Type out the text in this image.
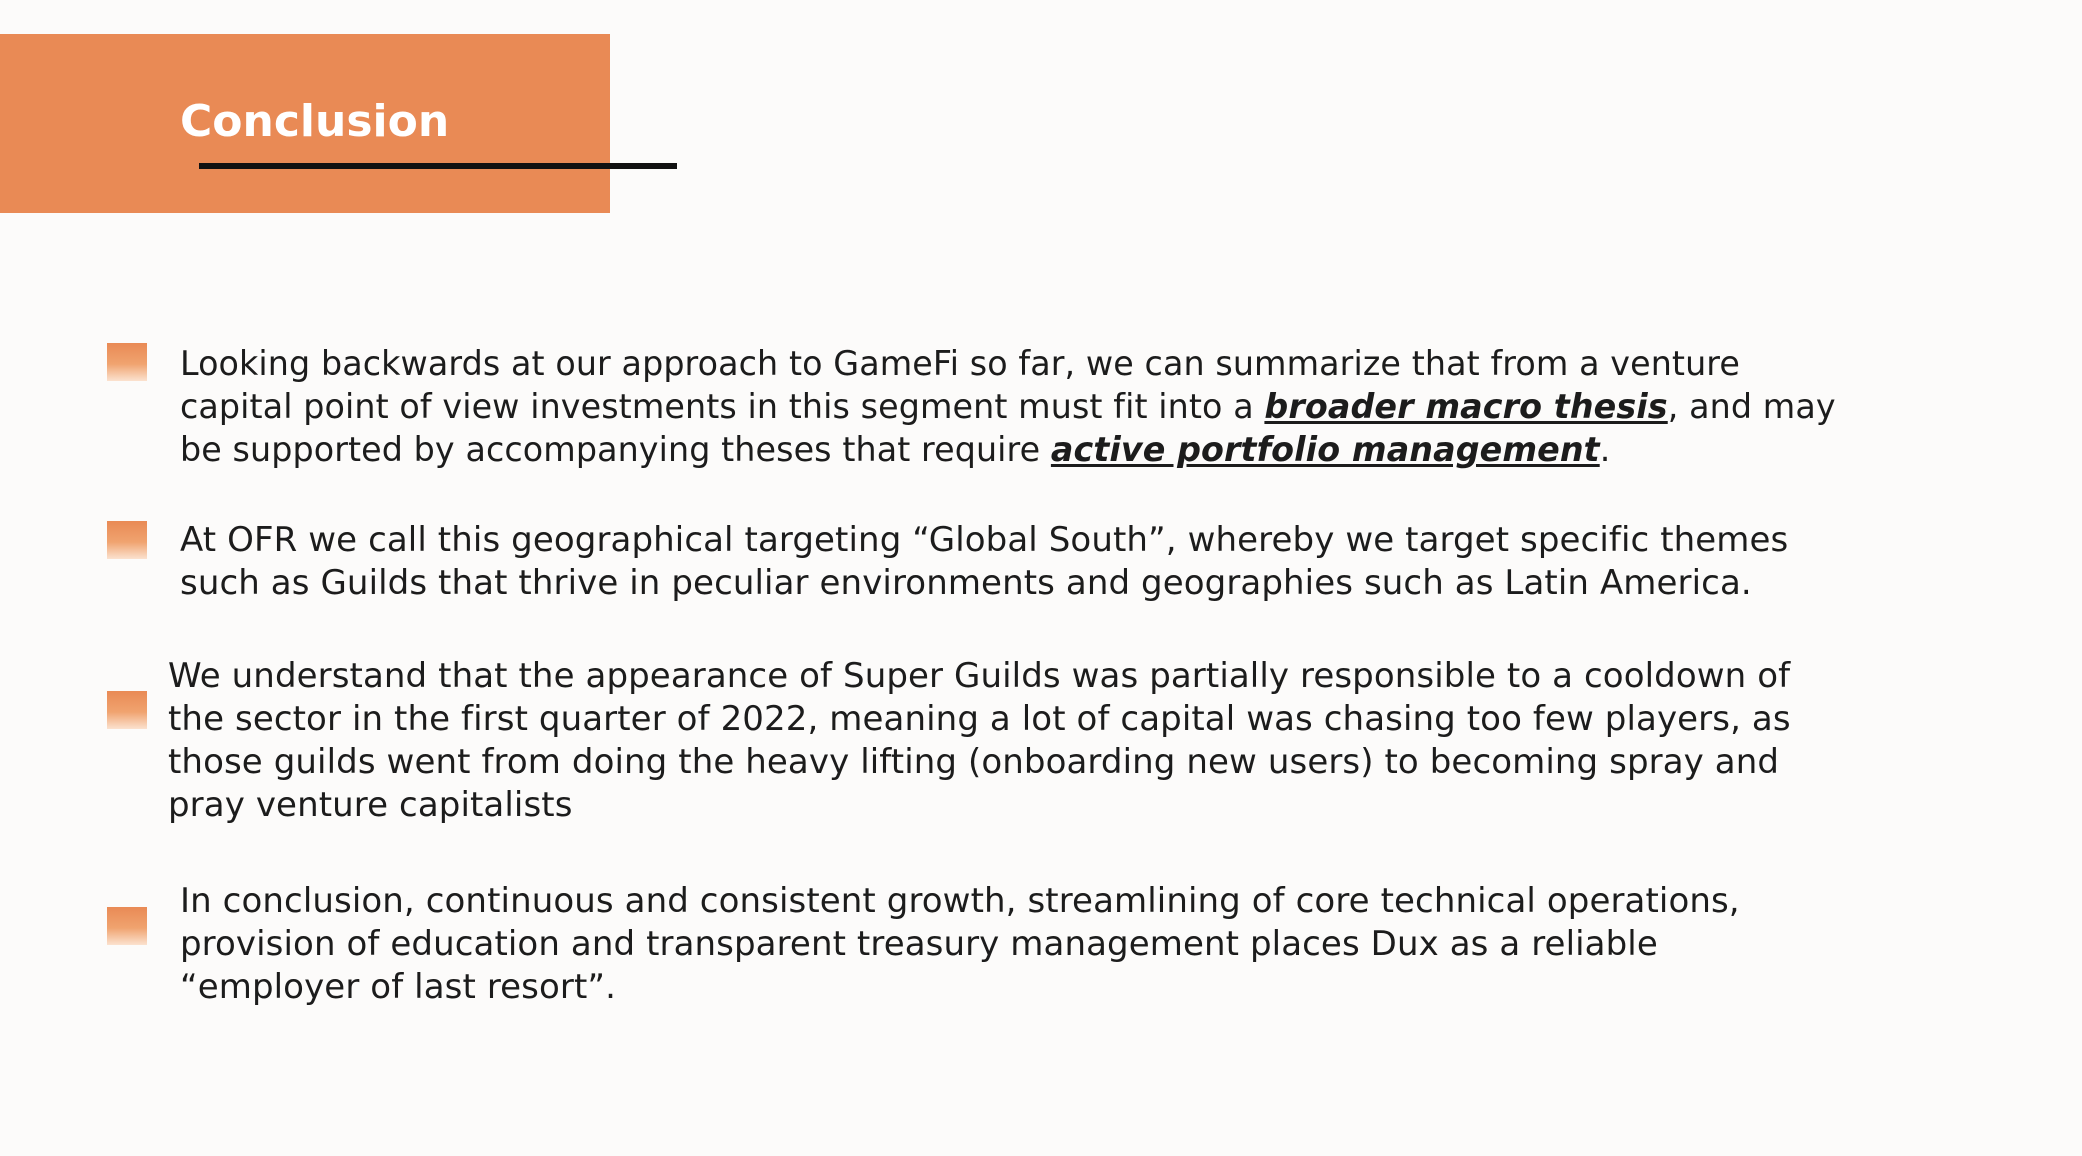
Conclusion
Looking backwards at our approach to GameFi so far, we can summarize that from a venture
capital point of view investments in this segment must fit into a broader macro thesis, and may
be supported by accompanying theses that require active portfolio management.
At OFR we call this geographical targeting “Global South”, whereby we target specific themes
such as Guilds that thrive in peculiar environments and geographies such as Latin America.
We understand that the appearance of Super Guilds was partially responsible to a cooldown of
the sector in the first quarter of 2022, meaning a lot of capital was chasing too few players, as
those guilds went from doing the heavy lifting (onboarding new users) to becoming spray and
pray venture capitalists
In conclusion, continuous and consistent growth, streamlining of core technical operations,
provision of education and transparent treasury management places Dux as a reliable
“employer of last resort”.
